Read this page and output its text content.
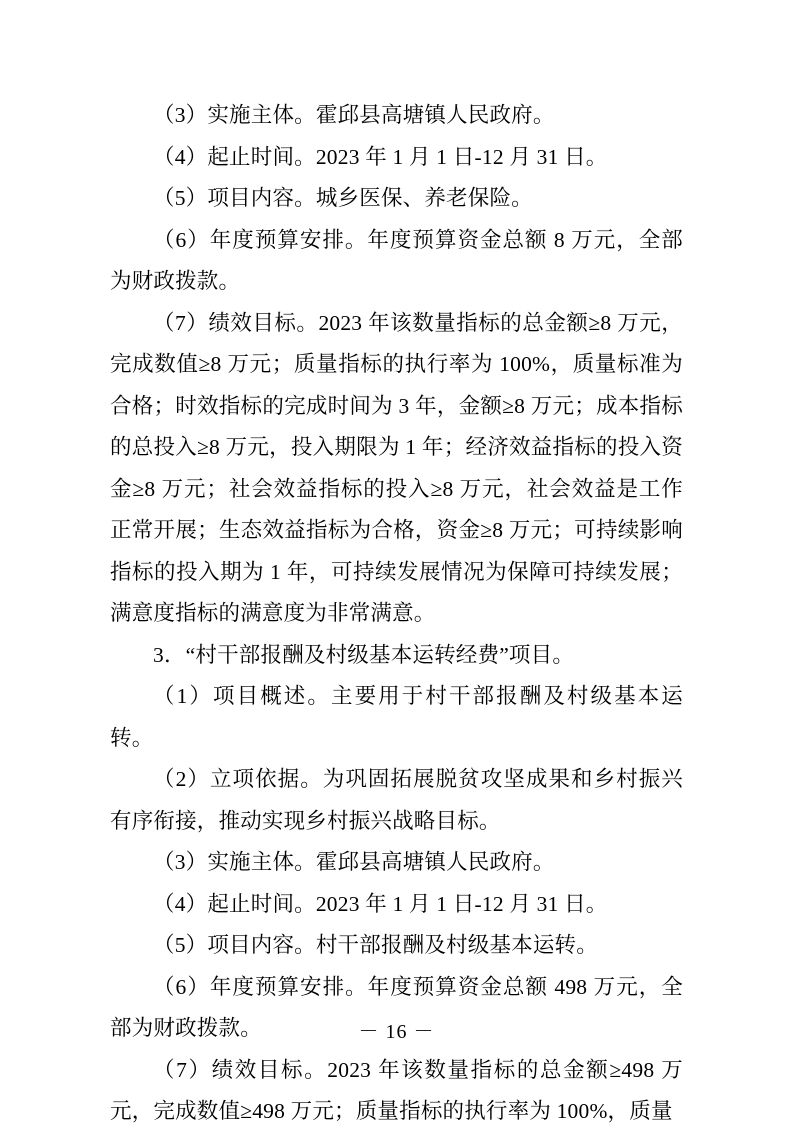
（3）实施主体。霍邱县高塘镇人民政府。

（4）起止时间。2023 年 1 月 1 日-12 月 31 日。

（5）项目内容。城乡医保、养老保险。

（6）年度预算安排。年度预算资金总额 8 万元，全部为财政拨款。

（7）绩效目标。2023 年该数量指标的总金额≥8 万元，完成数值≥8 万元；质量指标的执行率为 100%，质量标准为合格；时效指标的完成时间为 3 年，金额≥8 万元；成本指标的总投入≥8 万元，投入期限为 1 年；经济效益指标的投入资金≥8 万元；社会效益指标的投入≥8 万元，社会效益是工作正常开展；生态效益指标为合格，资金≥8 万元；可持续影响指标的投入期为 1 年，可持续发展情况为保障可持续发展；满意度指标的满意度为非常满意。

3．“村干部报酬及村级基本运转经费”项目。

（1）项目概述。主要用于村干部报酬及村级基本运转。

（2）立项依据。为巩固拓展脱贫攻坚成果和乡村振兴有序衔接，推动实现乡村振兴战略目标。

（3）实施主体。霍邱县高塘镇人民政府。

（4）起止时间。2023 年 1 月 1 日-12 月 31 日。

（5）项目内容。村干部报酬及村级基本运转。

（6）年度预算安排。年度预算资金总额 498 万元，全部为财政拨款。

（7）绩效目标。2023 年该数量指标的总金额≥498 万元，完成数值≥498 万元；质量指标的执行率为 100%，质量

－ 16 －
